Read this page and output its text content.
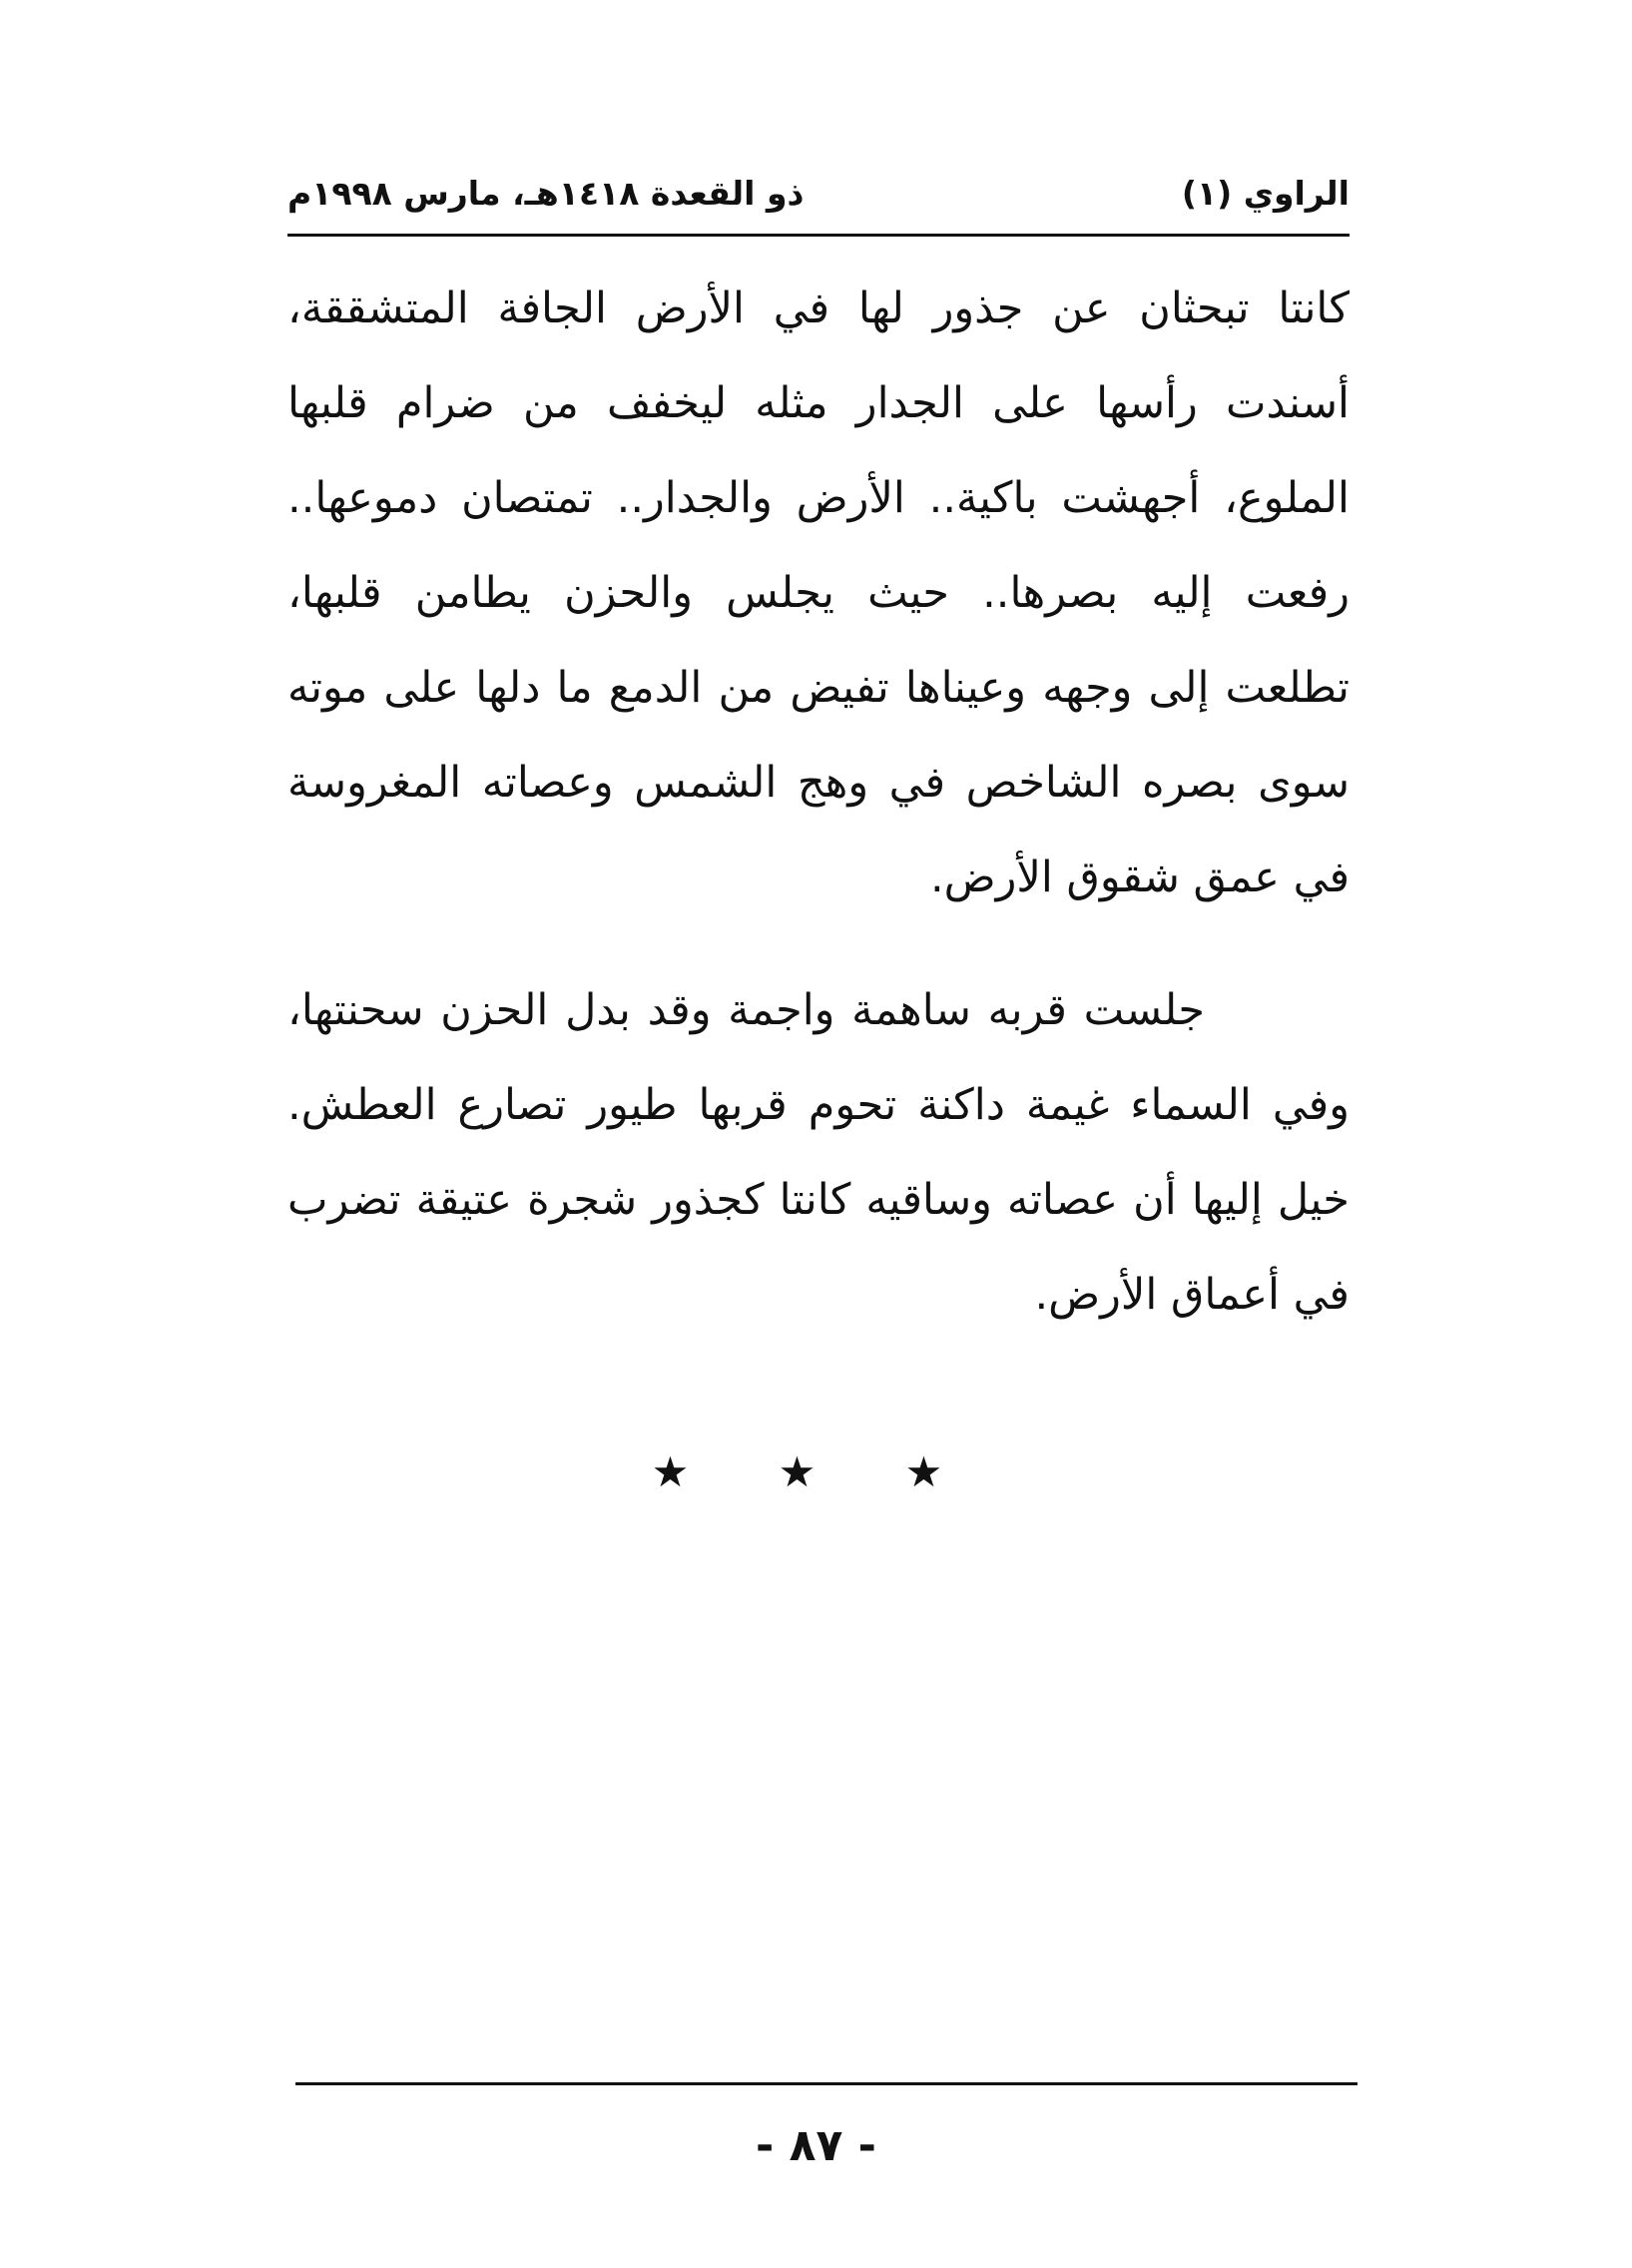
الراوي (١)
ذو القعدة ١٤١٨هـ، مارس ١٩٩٨م

كانتا تبحثان عن جذور لها في الأرض الجافة المتشققة، أسندت رأسها على الجدار مثله ليخفف من ضرام قلبها الملوع، أجهشت باكية.. الأرض والجدار.. تمتصان دموعها.. رفعت إليه بصرها.. حيث يجلس والحزن يطامن قلبها، تطلعت إلى وجهه وعيناها تفيض من الدمع ما دلها على موته سوى بصره الشاخص في وهج الشمس وعصاته المغروسة في عمق شقوق الأرض.

جلست قربه ساهمة واجمة وقد بدل الحزن سحنتها، وفي السماء غيمة داكنة تحوم قربها طيور تصارع العطش. خيل إليها أن عصاته وساقيه كانتا كجذور شجرة عتيقة تضرب في أعماق الأرض.

★ ★ ★
- ٨٧ -
